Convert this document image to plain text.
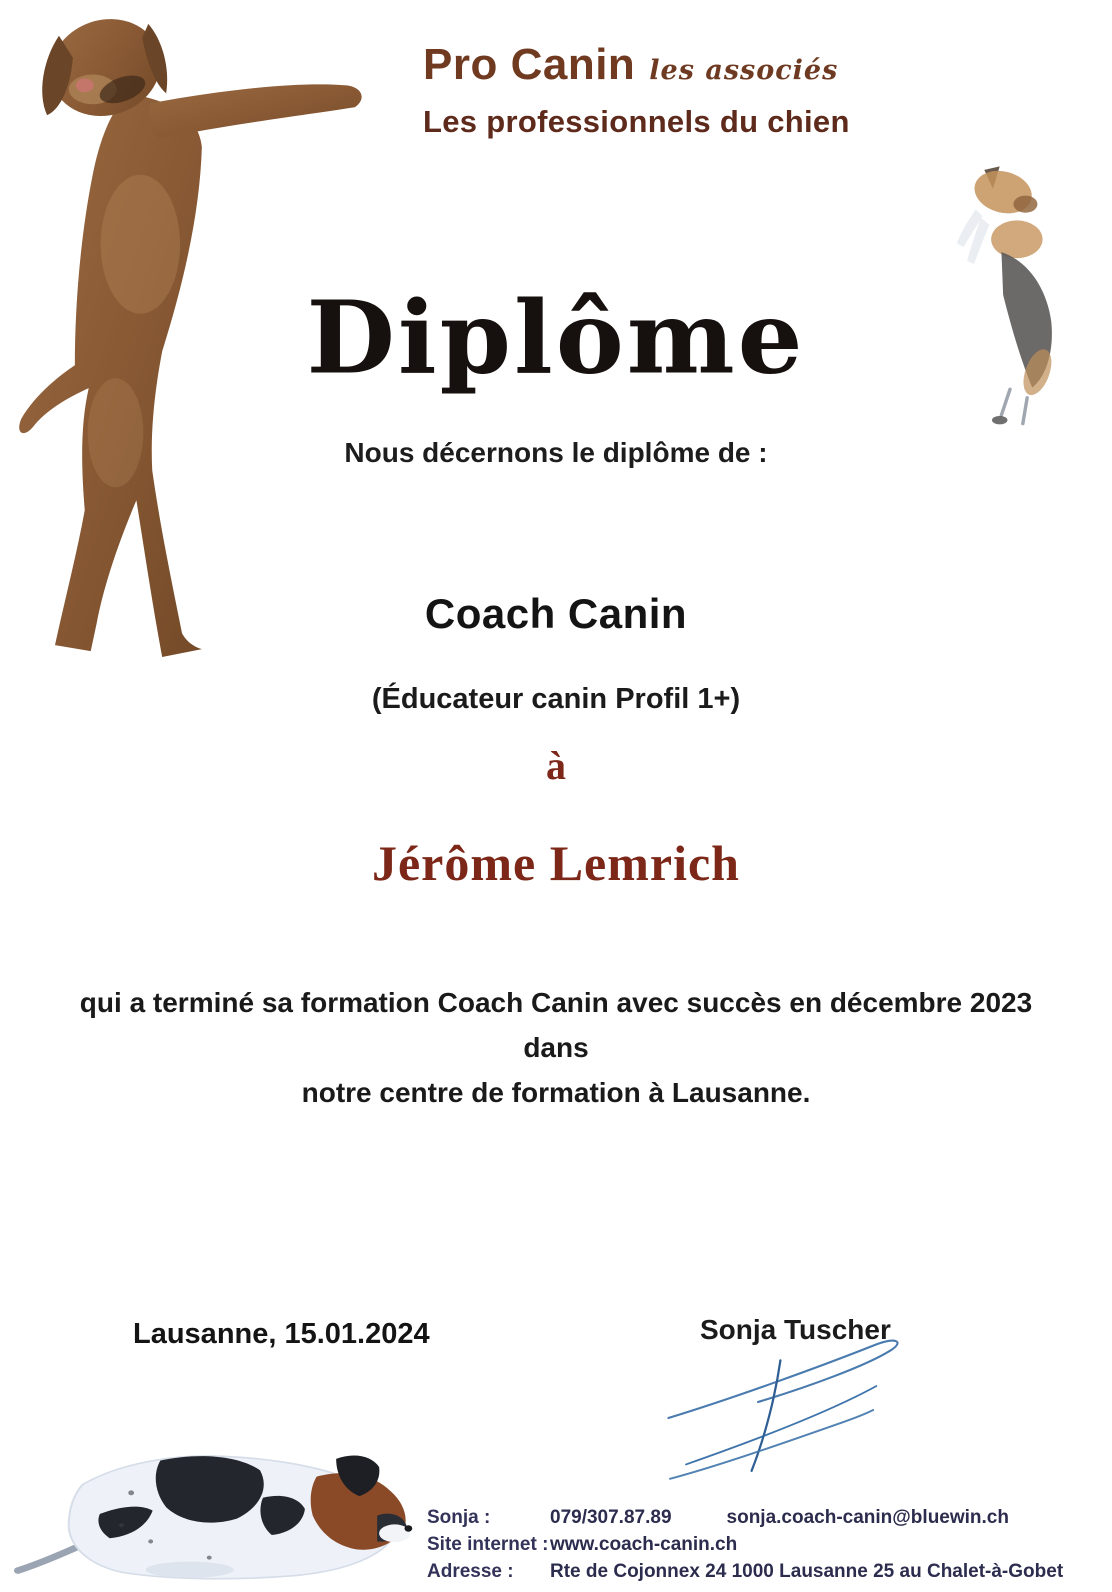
Pro Canin les associés
Les professionnels du chien
Diplôme
Nous décernons le diplôme de :
Coach Canin
(Éducateur canin Profil 1+)
à
Jérôme Lemrich
qui a terminé sa formation Coach Canin avec succès en décembre 2023 dans
notre centre de formation à Lausanne.
Lausanne, 15.01.2024	Sonja Tuscher
Sonja :	079/307.87.89	sonja.coach-canin@bluewin.ch
Site internet : www.coach-canin.ch
Adresse :	Rte de Cojonnex 24 1000 Lausanne 25 au Chalet-à-Gobet
